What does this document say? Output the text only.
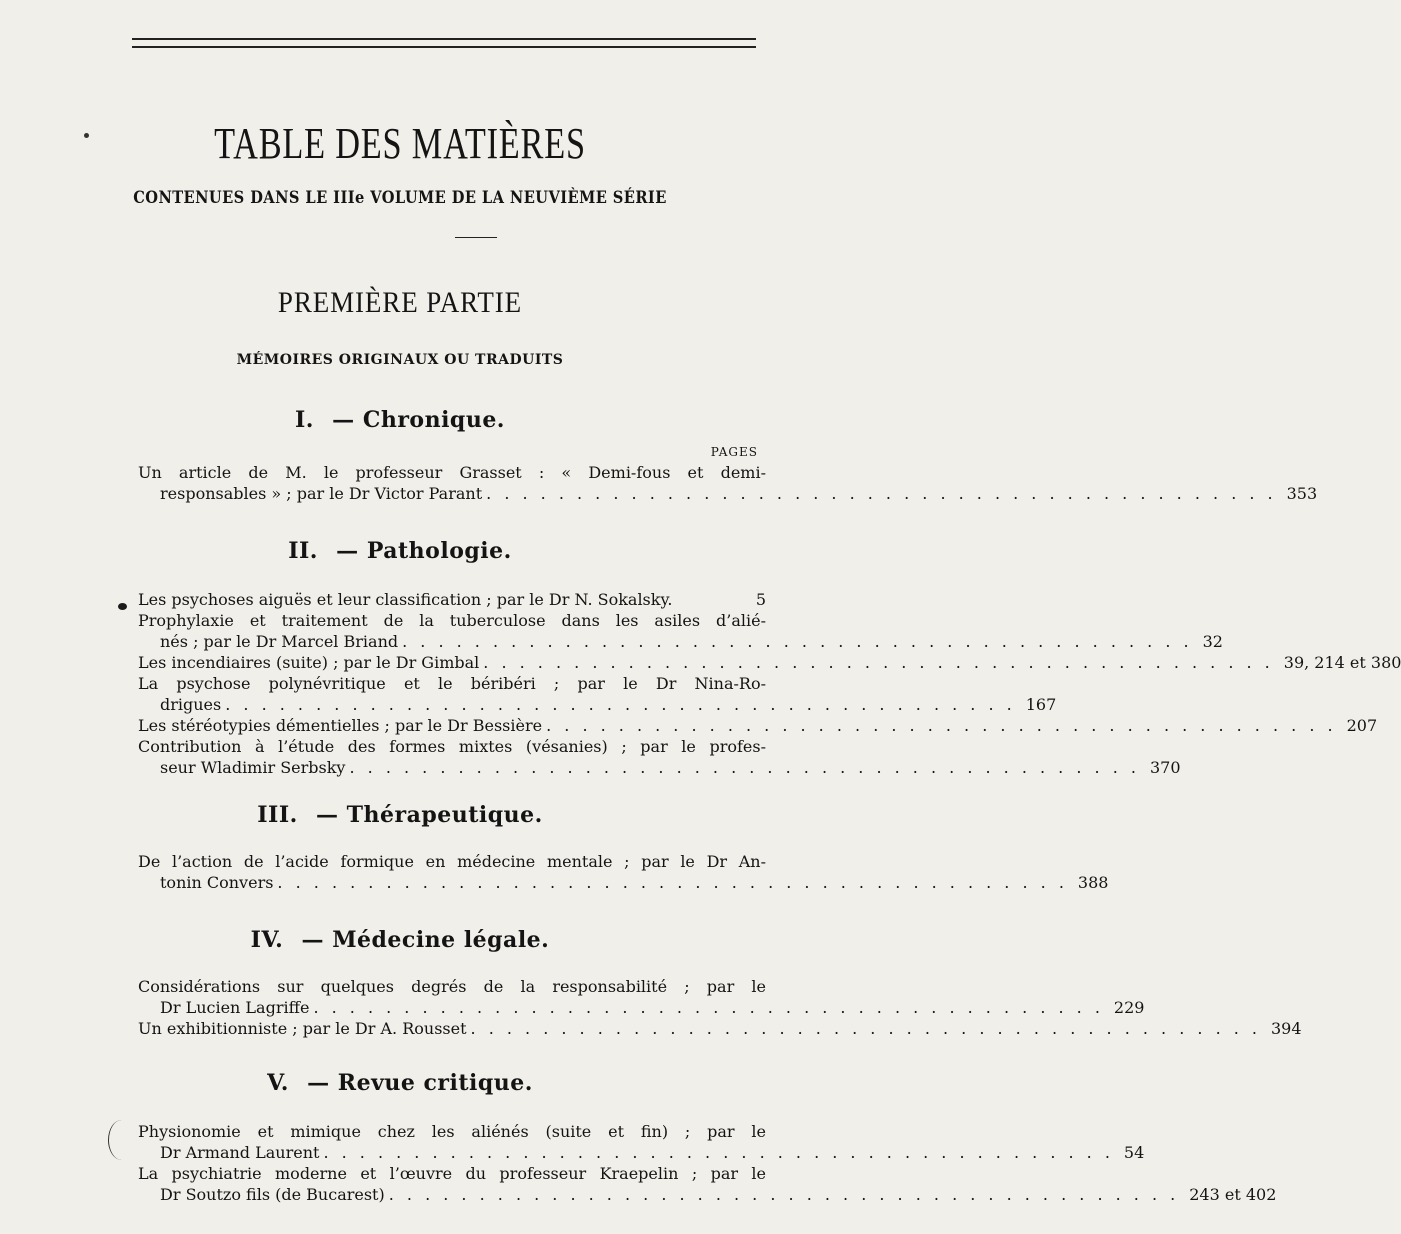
TABLE DES MATIÈRES
CONTENUES DANS LE IIIe VOLUME DE LA NEUVIÈME SÉRIE
PREMIÈRE PARTIE
MÉMOIRES ORIGINAUX OU TRADUITS
I. — Chronique.
PAGES
Un article de M. le professeur Grasset : « Demi-fous et demi-
responsables » ; par le Dr Victor Parant . . . . . . . . . . . . . . . . . . . . . . . . . . . . . . . . . . . . . . . . . . . . 353
II. — Pathologie.
Les psychoses aiguës et leur classification ; par le Dr N. Sokalsky.	5
Prophylaxie et traitement de la tuberculose dans les asiles d’alié-
nés ; par le Dr Marcel Briand . . . . . . . . . . . . . . . . . . . . . . . . . . . . . . . . . . . . . . . . . . . . 32
Les incendiaires (suite) ; par le Dr Gimbal . . . . . . . . . . . . . . . . . . . . . . . . . . . . . . . . . . . . . . . . . . . . 39, 214 et 380
La psychose polynévritique et le béribéri ; par le Dr Nina-Ro-
drigues . . . . . . . . . . . . . . . . . . . . . . . . . . . . . . . . . . . . . . . . . . . . 167
Les stéréotypies démentielles ; par le Dr Bessière . . . . . . . . . . . . . . . . . . . . . . . . . . . . . . . . . . . . . . . . . . . . 207
Contribution à l’étude des formes mixtes (vésanies) ; par le profes-
seur Wladimir Serbsky . . . . . . . . . . . . . . . . . . . . . . . . . . . . . . . . . . . . . . . . . . . . 370
III. — Thérapeutique.
De l’action de l’acide formique en médecine mentale ; par le Dr An-
tonin Convers . . . . . . . . . . . . . . . . . . . . . . . . . . . . . . . . . . . . . . . . . . . . 388
IV. — Médecine légale.
Considérations sur quelques degrés de la responsabilité ; par le
Dr Lucien Lagriffe . . . . . . . . . . . . . . . . . . . . . . . . . . . . . . . . . . . . . . . . . . . . 229
Un exhibitionniste ; par le Dr A. Rousset . . . . . . . . . . . . . . . . . . . . . . . . . . . . . . . . . . . . . . . . . . . . 394
V. — Revue critique.
Physionomie et mimique chez les aliénés (suite et fin) ; par le
Dr Armand Laurent . . . . . . . . . . . . . . . . . . . . . . . . . . . . . . . . . . . . . . . . . . . . 54
La psychiatrie moderne et l’œuvre du professeur Kraepelin ; par le
Dr Soutzo fils (de Bucarest) . . . . . . . . . . . . . . . . . . . . . . . . . . . . . . . . . . . . . . . . . . . . 243 et 402
